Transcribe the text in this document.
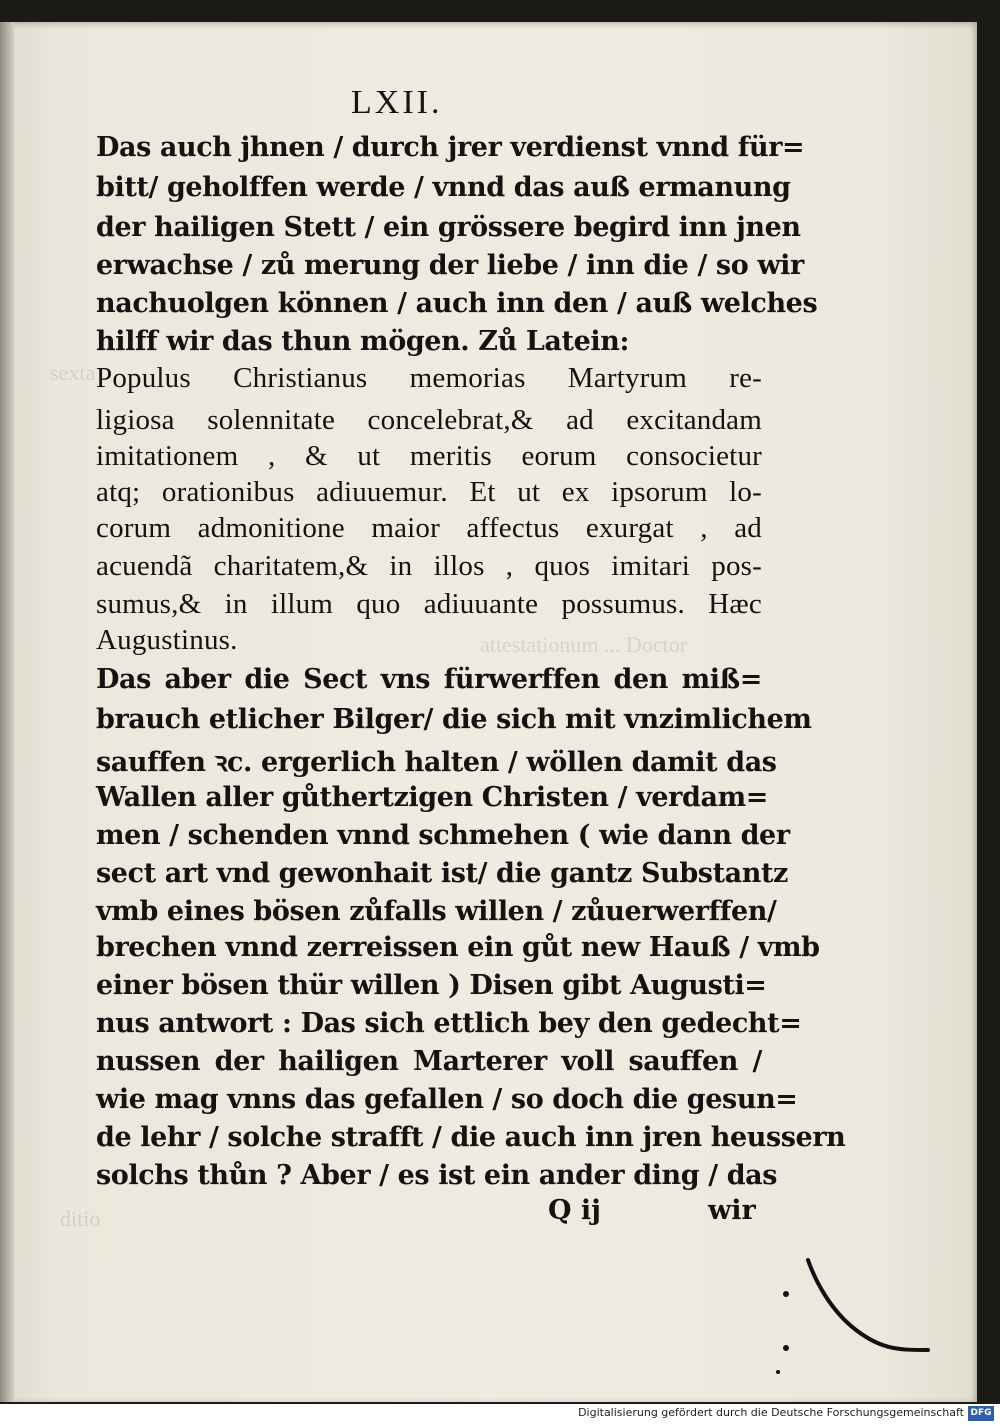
sexta
attestationum ... Doctor
ditio
LXII.
Das auch jhnen / durch jrer verdienst vnnd für=
bitt/ geholffen werde / vnnd das auß ermanung
der hailigen Stett / ein grössere begird inn jnen
erwachse / zů merung der liebe / inn die / so wir
nachuolgen können / auch inn den / auß welches
hilff wir das thun mögen. Zů Latein:
Populus Christianus memorias Martyrum re-
ligiosa solennitate concelebrat,& ad excitandam
imitationem , & ut meritis eorum consocietur
atq; orationibus adiuuemur. Et ut ex ipsorum lo-
corum admonitione maior affectus exurgat , ad
acuendã charitatem,& in illos , quos imitari pos-
sumus,& in illum quo adiuuante possumus. Hæc
Augustinus.
Das aber die Sect vns fürwerffen den miß=
brauch etlicher Bilger/ die sich mit vnzimlichem
sauffen ꝛc. ergerlich halten / wöllen damit das
Wallen aller gůthertzigen Christen / verdam=
men / schenden vnnd schmehen ( wie dann der
sect art vnd gewonhait ist/ die gantz Substantz
vmb eines bösen zůfalls willen / zůuerwerffen/
brechen vnnd zerreissen ein gůt new Hauß / vmb
einer bösen thür willen ) Disen gibt Augusti=
nus antwort : Das sich ettlich bey den gedecht=
nussen der hailigen Marterer voll sauffen /
wie mag vnns das gefallen / so doch die gesun=
de lehr / solche strafft / die auch inn jren heussern
solchs thůn ? Aber / es ist ein ander ding / das
Q ij	wir
Digitalisierung gefördert durch die Deutsche Forschungsgemeinschaft DFG
